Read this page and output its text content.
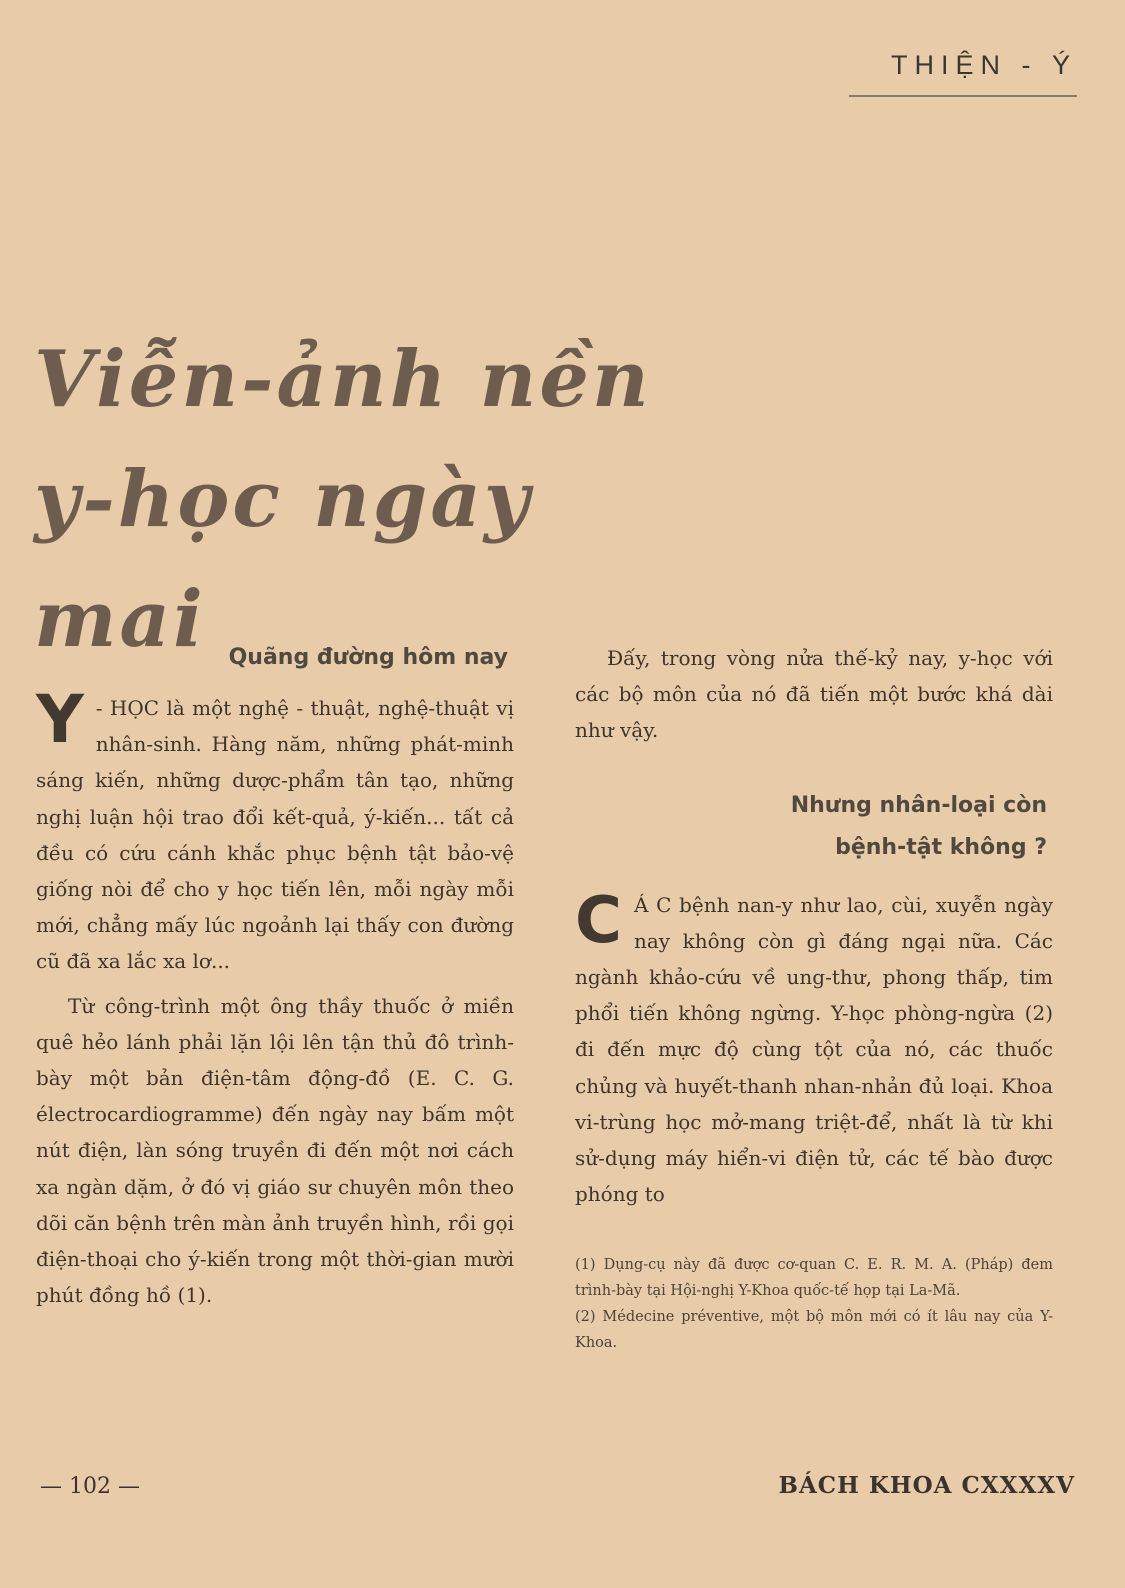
THIỆN - Ý
Viễn-ảnh nền
y-học ngày mai	Quãng đường hôm nay

Y - HỌC là một nghệ - thuật, nghệ-thuật vị nhân-sinh. Hàng năm, những phát-minh sáng kiến, những dược-phẩm tân tạo, những nghị luận hội trao đổi kết-quả, ý-kiến... tất cả đều có cứu cánh khắc phục bệnh tật bảo-vệ giống nòi để cho y học tiến lên, mỗi ngày mỗi mới, chẳng mấy lúc ngoảnh lại thấy con đường cũ đã xa lắc xa lơ...

Từ công-trình một ông thầy thuốc ở miền quê hẻo lánh phải lặn lội lên tận thủ đô trình-bày một bản điện-tâm động-đồ (E. C. G. électrocardiogramme) đến ngày nay bấm một nút điện, làn sóng truyền đi đến một nơi cách xa ngàn dặm, ở đó vị giáo sư chuyên môn theo dõi căn bệnh trên màn ảnh truyền hình, rồi gọi điện-thoại cho ý-kiến trong một thời-gian mười phút đồng hồ (1).

Đấy, trong vòng nửa thế-kỷ nay, y-học với các bộ môn của nó đã tiến một bước khá dài như vậy.

Nhưng nhân-loại còn
bệnh-tật không ?

C Á C bệnh nan-y như lao, cùi, xuyễn ngày nay không còn gì đáng ngại nữa. Các ngành khảo-cứu về ung-thư, phong thấp, tim phổi tiến không ngừng. Y-học phòng-ngừa (2) đi đến mực độ cùng tột của nó, các thuốc chủng và huyết-thanh nhan-nhản đủ loại. Khoa vi-trùng học mở-mang triệt-để, nhất là từ khi sử-dụng máy hiển-vi điện tử, các tế bào được phóng to

(1) Dụng-cụ này đã được cơ-quan C. E. R. M. A. (Pháp) đem trình-bày tại Hội-nghị Y-Khoa quốc-tế họp tại La-Mã.

(2) Médecine préventive, một bộ môn mới có ít lâu nay của Y-Khoa.

— 102 —	BÁCH KHOA CXXXXV
